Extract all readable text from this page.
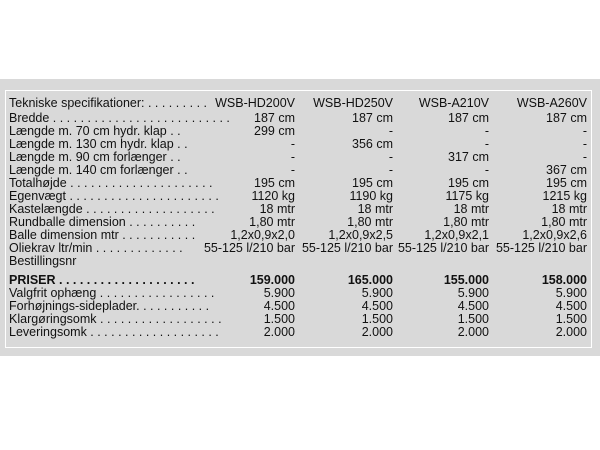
Tekniske specifikationer: . . . . . . . . .	WSB-HD200V	WSB-HD250V	WSB-A210V	WSB-A260V
Bredde . . . . . . . . . . . . . . . . . . . . . . . . . .	187 cm	187 cm	187 cm	187 cm
Længde m. 70 cm hydr. klap . .	299 cm	-	-	-
Længde m. 130 cm hydr. klap . .	-	356 cm	-	-
Længde m. 90 cm forlænger . .	-	-	317 cm	-
Længde m. 140 cm forlænger . .	-	-	-	367 cm
Totalhøjde . . . . . . . . . . . . . . . . . . . . .	195 cm	195 cm	195 cm	195 cm
Egenvægt . . . . . . . . . . . . . . . . . . . . . .	1120 kg	1190 kg	1175 kg	1215 kg
Kastelængde . . . . . . . . . . . . . . . . . . .	18 mtr	18 mtr	18 mtr	18 mtr
Rundballe dimension . . . . . . . . . .	1,80 mtr	1,80 mtr	1,80 mtr	1,80 mtr
Balle dimension mtr . . . . . . . . . . .	1,2x0,9x2,0	1,2x0,9x2,5	1,2x0,9x2,1	1,2x0,9x2,6
Oliekrav ltr/min . . . . . . . . . . . . .	55-125 l/210 bar	55-125 l/210 bar	55-125 l/210 bar	55-125 l/210 bar
Bestillingsnr				

PRISER . . . . . . . . . . . . . . . . . . . .	159.000	165.000	155.000	158.000
Valgfrit ophæng . . . . . . . . . . . . . . . . .	5.900	5.900	5.900	5.900
Forhøjnings-sideplader. . . . . . . . . . .	4.500	4.500	4.500	4.500
Klargøringsomk . . . . . . . . . . . . . . . . . .	1.500	1.500	1.500	1.500
Leveringsomk . . . . . . . . . . . . . . . . . . .	2.000	2.000	2.000	2.000
